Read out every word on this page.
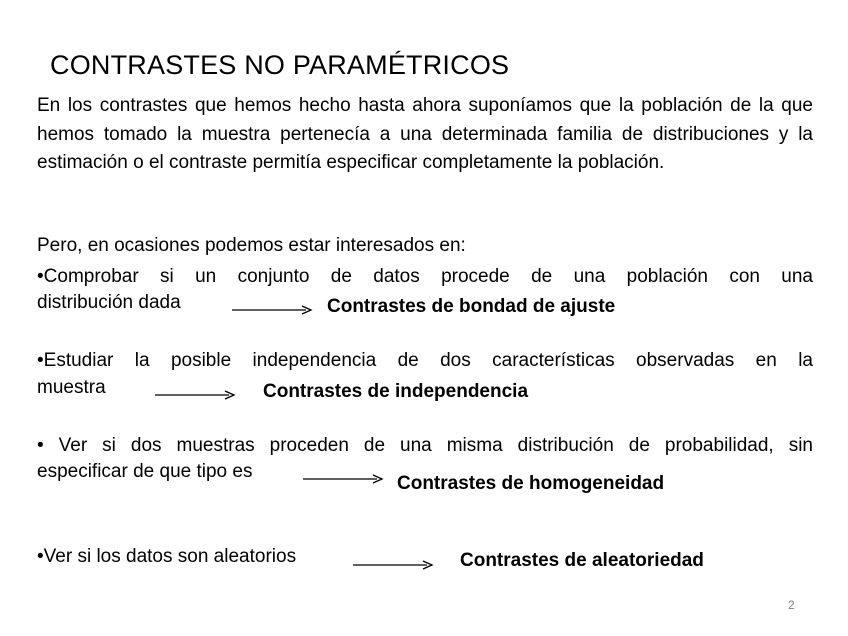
CONTRASTES NO PARAMÉTRICOS

En los contrastes que hemos hecho hasta ahora suponíamos que la población de la que hemos tomado la muestra pertenecía a una determinada familia de distribuciones y la estimación o el contraste permitía especificar completamente la población.

Pero, en ocasiones podemos estar interesados en:

•Comprobar si un conjunto de datos procede de una población con una

distribución dada	Contrastes de bondad de ajuste

•Estudiar la posible independencia de dos características observadas en la

muestra	Contrastes de independencia

• Ver si dos muestras proceden de una misma distribución de probabilidad, sin

especificar de que tipo es
Contrastes de homogeneidad
•Ver si los datos son aleatorios	Contrastes de aleatoriedad
2
